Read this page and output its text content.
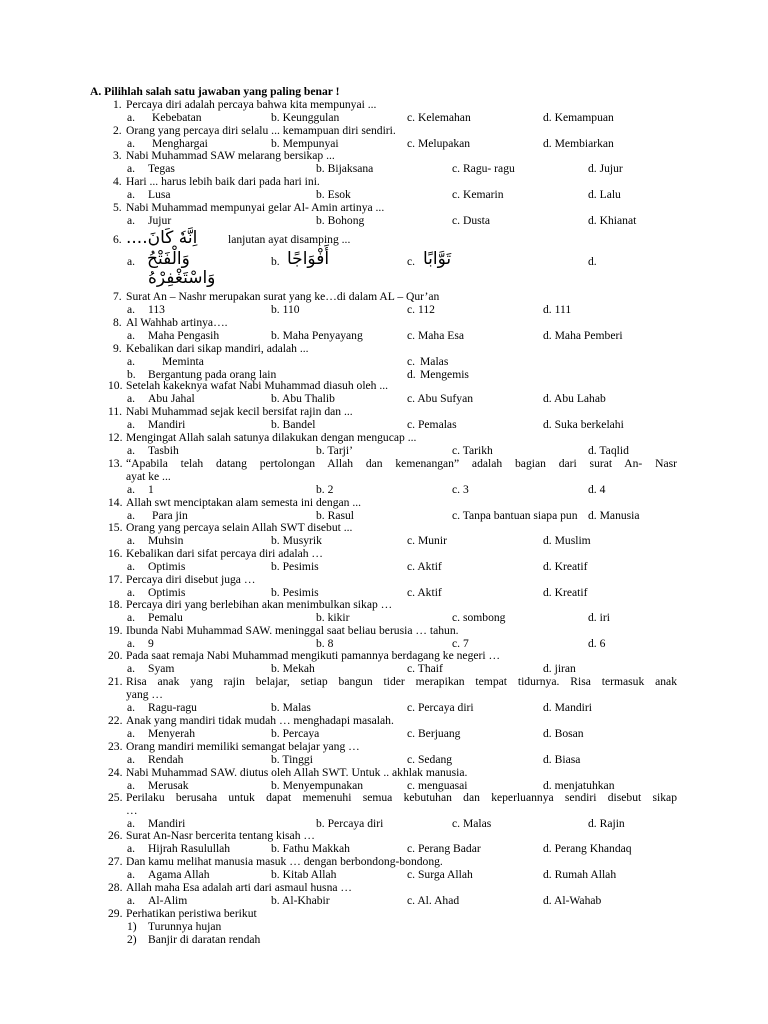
A. Pilihlah salah satu jawaban yang paling benar !
1. Percaya diri adalah percaya bahwa kita mempunyai ...
a. Kebebatan	b. Keunggulan	c. Kelemahan	d. Kemampuan
2. Orang yang percaya diri selalu ... kemampuan diri sendiri.
a. Menghargai	b. Mempunyai	c. Melupakan	d. Membiarkan
3. Nabi Muhammad SAW melarang bersikap ...
a. Tegas	b. Bijaksana	c. Ragu- ragu	d. Jujur
4. Hari ... harus lebih baik dari pada hari ini.
a. Lusa	b. Esok	c. Kemarin	d. Lalu
5. Nabi Muhammad mempunyai gelar Al- Amin artinya ...
a. Jujur	b. Bohong	c. Dusta	d. Khianat
6. اِنَّهٗ كَانَ....	lanjutan ayat disamping ...
a. وَالْفَتْحُ	b. أَفْوَاجًا	c. تَوَّابًا	d.
وَاسْتَغْفِرْهُ
7. Surat An – Nashr merupakan surat yang ke…di dalam AL – Qur’an
a. 113	b. 110	c. 112	d. 111
8. Al Wahhab artinya….
a. Maha Pengasih	b. Maha Penyayang	c. Maha Esa	d. Maha Pemberi
9. Kebalikan dari sikap mandiri, adalah ...
a. Meminta	c. Malas
b. Bergantung pada orang lain	d. Mengemis
10. Setelah kakeknya wafat Nabi Muhammad diasuh oleh ...
a. Abu Jahal	b. Abu Thalib	c. Abu Sufyan	d. Abu Lahab
11. Nabi Muhammad sejak kecil bersifat rajin dan ...
a. Mandiri	b. Bandel	c. Pemalas	d. Suka berkelahi
12. Mengingat Allah salah satunya dilakukan dengan mengucap ...
a. Tasbih	b. Tarji’	c. Tarikh	d. Taqlid
13. “Apabila telah datang pertolongan Allah dan kemenangan” adalah bagian dari surat An- Nasr
ayat ke ...
a. 1	b. 2	c. 3	d. 4
14. Allah swt menciptakan alam semesta ini dengan ...
a. Para jin	b. Rasul	c. Tanpa bantuan siapa pun d. Manusia
15. Orang yang percaya selain Allah SWT disebut ...
a. Muhsin	b. Musyrik	c. Munir	d. Muslim
16. Kebalikan dari sifat percaya diri adalah …
a. Optimis	b. Pesimis	c. Aktif	d. Kreatif
17. Percaya diri disebut juga …
a. Optimis	b. Pesimis	c. Aktif	d. Kreatif
18. Percaya diri yang berlebihan akan menimbulkan sikap …
a. Pemalu	b. kikir	c. sombong	d. iri
19. Ibunda Nabi Muhammad SAW. meninggal saat beliau berusia … tahun.
a. 9	b. 8	c. 7	d. 6
20. Pada saat remaja Nabi Muhammad mengikuti pamannya berdagang ke negeri …
a. Syam	b. Mekah	c. Thaif	d. jiran
21. Risa anak yang rajin belajar, setiap bangun tider merapikan tempat tidurnya. Risa termasuk anak
yang …
a. Ragu-ragu	b. Malas	c. Percaya diri	d. Mandiri
22. Anak yang mandiri tidak mudah … menghadapi masalah.
a. Menyerah	b. Percaya	c. Berjuang	d. Bosan
23. Orang mandiri memiliki semangat belajar yang …
a. Rendah	b. Tinggi	c. Sedang	d. Biasa
24. Nabi Muhammad SAW. diutus oleh Allah SWT. Untuk .. akhlak manusia.
a. Merusak	b. Menyempunakan	c. menguasai	d. menjatuhkan
25. Perilaku berusaha untuk dapat memenuhi semua kebutuhan dan keperluannya sendiri disebut sikap
…
a. Mandiri	b. Percaya diri	c. Malas	d. Rajin
26. Surat An-Nasr bercerita tentang kisah …
a. Hijrah Rasulullah	b. Fathu Makkah	c. Perang Badar	d. Perang Khandaq
27. Dan kamu melihat manusia masuk … dengan berbondong-bondong.
a. Agama Allah	b. Kitab Allah	c. Surga Allah	d. Rumah Allah
28. Allah maha Esa adalah arti dari asmaul husna …
a. Al-Alim	b. Al-Khabir	c. Al. Ahad	d. Al-Wahab
29. Perhatikan peristiwa berikut
1) Turunnya hujan
2) Banjir di daratan rendah
